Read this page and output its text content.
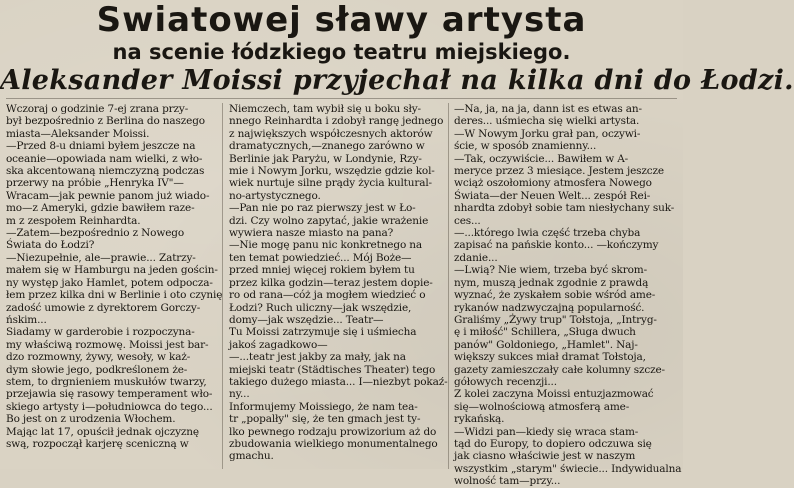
Swiatowej sławy artysta
na scenie łódzkiego teatru miejskiego.
Aleksander Moissi przyjechał na kilka dni do Łodzi.
Wczoraj o godzinie 7-ej zrana przy-
był bezpośrednio z Berlina do naszego
miasta—Aleksander Moissi.
—Przed 8-u dniami byłem jeszcze na
oceanie—opowiada nam wielki, z wło-
ska akcentowaną niemczyzną podczas
przerwy na próbie „Henryka IV"—
Wracam—jak pewnie panom już wiado-
mo—z Ameryki, gdzie bawiłem raze-
m z zespołem Reinhardta.
—Zatem—bezpośrednio z Nowego
Świata do Łodzi?
—Niezupełnie, ale—prawie... Zatrzy-
małem się w Hamburgu na jeden gościn-
ny występ jako Hamlet, potem odpocza-
łem przez kilka dni w Berlinie i oto czynię
zadość umowie z dyrektorem Gorczy-
ńskim...
Siadamy w garderobie i rozpoczyna-
my właściwą rozmowę. Moissi jest bar-
dzo rozmowny, żywy, wesoły, w każ-
dym słowie jego, podkreślonem że-
stem, to drgnieniem muskułów twarzy,
przejawia się rasowy temperament wło-
skiego artysty i—południowca do tego...
Bo jest on z urodzenia Włochem.
Mając lat 17, opuścił jednak ojczyznę
swą, rozpoczął karjerę sceniczną w
Niemczech, tam wybił się u boku sły-
nnego Reinhardta i zdobył rangę jednego
z największych współczesnych aktorów
dramatycznych,—znanego zarówno w
Berlinie jak Paryżu, w Londynie, Rzy-
mie i Nowym Jorku, wszędzie gdzie kol-
wiek nurtuje silne prądy życia kultural-
no-artystycznego.
—Pan nie po raz pierwszy jest w Ło-
dzi. Czy wolno zapytać, jakie wrażenie
wywiera nasze miasto na pana?
—Nie mogę panu nic konkretnego na
ten temat powiedzieć... Mój Boże—
przed mniej więcej rokiem byłem tu
przez kilka godzin—teraz jestem dopie-
ro od rana—cóż ja mogłem wiedzieć o
Łodzi? Ruch uliczny—jak wszędzie,
domy—jak wszędzie... Teatr—
Tu Moissi zatrzymuje się i uśmiecha
jakoś zagadkowo—
—...teatr jest jakby za mały, jak na
miejski teatr (Städtisches Theater) tego
takiego dużego miasta... I—niezbyt pokaź-
ny...
Informujemy Moissiego, że nam tea-
tr „popalły" się, że ten gmach jest ty-
lko pewnego rodzaju prowizorium aż do
zbudowania wielkiego monumentalnego
gmachu.
—Na, ja, na ja, dann ist es etwas an-
deres... uśmiecha się wielki artysta.
—W Nowym Jorku grał pan, oczywi-
ście, w sposób znamienny...
—Tak, oczywiście... Bawiłem w A-
meryce przez 3 miesiące. Jestem jeszcze
wciąż oszołomiony atmosfera Nowego
Świata—der Neuen Welt... zespół Rei-
nhardta zdobył sobie tam niesłychany suk-
ces...
—...którego lwia część trzeba chyba
zapisać na pańskie konto... —kończymy
zdanie...
—Lwią? Nie wiem, trzeba być skrom-
nym, muszą jednak zgodnie z prawdą
wyznać, że zyskałem sobie wśród ame-
rykanów nadzwyczajną popularność.
Graliśmy „Żywy trup" Tołstoja, „Intryg-
ę i miłość" Schillera, „Sługa dwuch
panów" Goldoniego, „Hamlet". Naj-
większy sukces miał dramat Tołstoja,
gazety zamieszczały całe kolumny szcze-
gółowych recenzji...
Z kolei zaczyna Moissi entuzjazmować
się—wolnościową atmosferą ame-
rykańską.
—Widzi pan—kiedy się wraca stam-
tąd do Europy, to dopiero odczuwa się
jak ciasno właściwie jest w naszym
wszystkim „starym" świecie... Indywidualna
wolność tam—przy...
